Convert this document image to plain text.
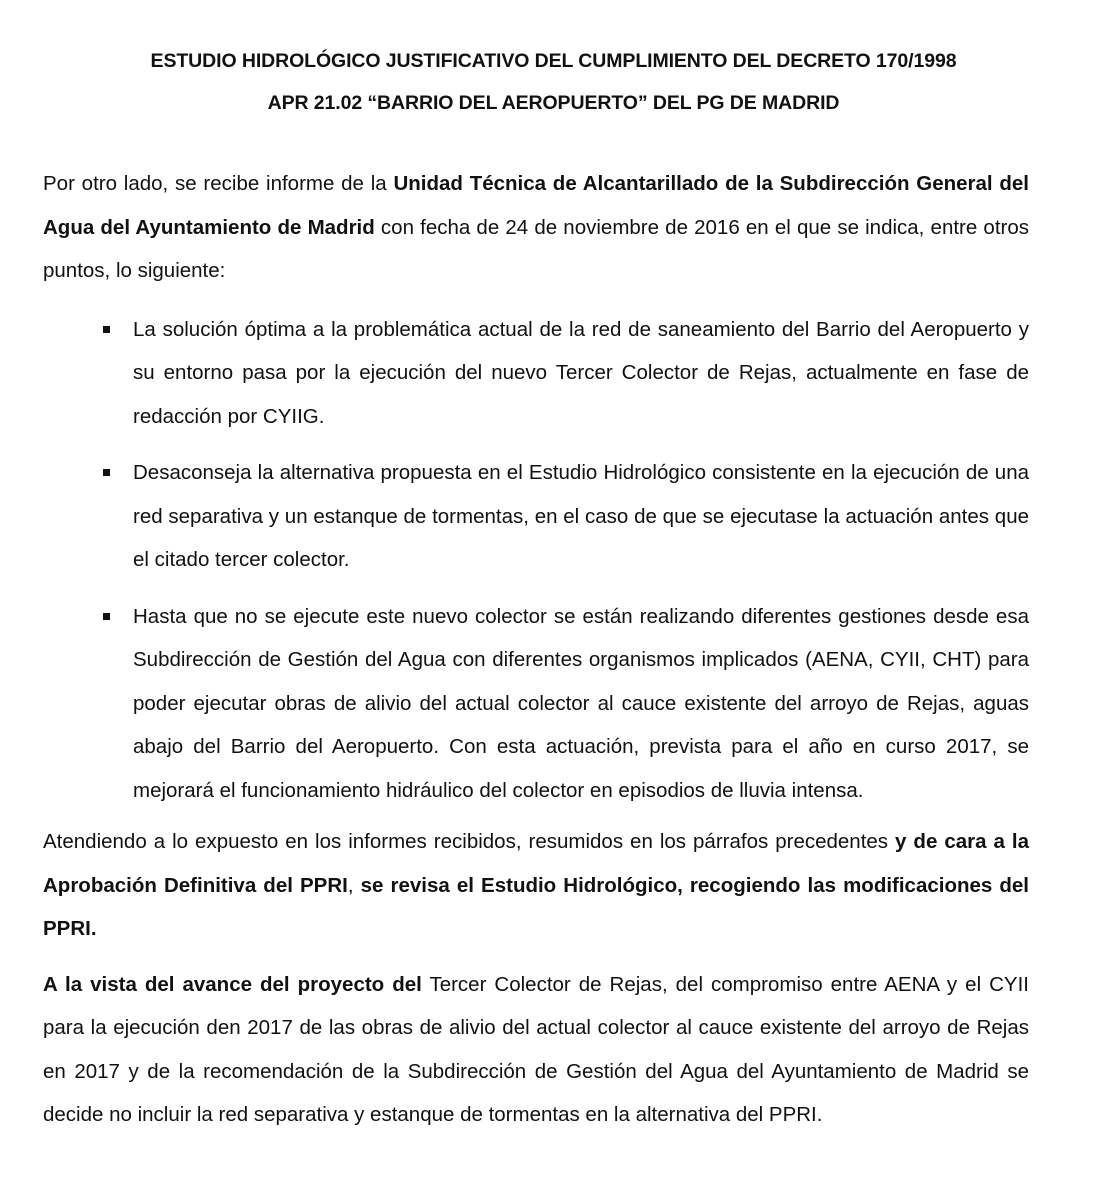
ESTUDIO HIDROLÓGICO JUSTIFICATIVO DEL CUMPLIMIENTO DEL DECRETO 170/1998

APR 21.02 “BARRIO DEL AEROPUERTO” DEL PG DE MADRID

Por otro lado, se recibe informe de la Unidad Técnica de Alcantarillado de la Subdirección General del Agua del Ayuntamiento de Madrid con fecha de 24 de noviembre de 2016 en el que se indica, entre otros puntos, lo siguiente:

La solución óptima a la problemática actual de la red de saneamiento del Barrio del Aeropuerto y su entorno pasa por la ejecución del nuevo Tercer Colector de Rejas, actualmente en fase de redacción por CYIIG.
Desaconseja la alternativa propuesta en el Estudio Hidrológico consistente en la ejecución de una red separativa y un estanque de tormentas, en el caso de que se ejecutase la actuación antes que el citado tercer colector.
Hasta que no se ejecute este nuevo colector se están realizando diferentes gestiones desde esa Subdirección de Gestión del Agua con diferentes organismos implicados (AENA, CYII, CHT) para poder ejecutar obras de alivio del actual colector al cauce existente del arroyo de Rejas, aguas abajo del Barrio del Aeropuerto. Con esta actuación, prevista para el año en curso 2017, se mejorará el funcionamiento hidráulico del colector en episodios de lluvia intensa.

Atendiendo a lo expuesto en los informes recibidos, resumidos en los párrafos precedentes y de cara a la Aprobación Definitiva del PPRI, se revisa el Estudio Hidrológico, recogiendo las modificaciones del PPRI.

A la vista del avance del proyecto del Tercer Colector de Rejas, del compromiso entre AENA y el CYII para la ejecución den 2017 de las obras de alivio del actual colector al cauce existente del arroyo de Rejas en 2017 y de la recomendación de la Subdirección de Gestión del Agua del Ayuntamiento de Madrid se decide no incluir la red separativa y estanque de tormentas en la alternativa del PPRI.
